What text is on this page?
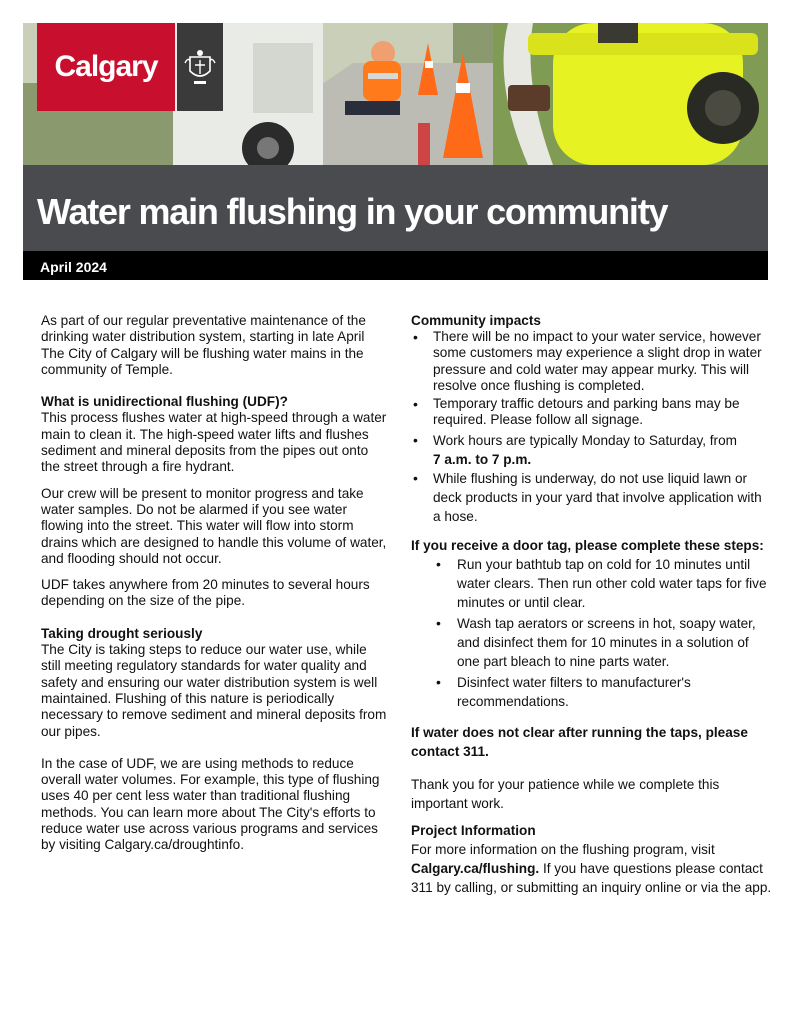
Calgary
Water main flushing in your community
April 2024

As part of our regular preventative maintenance of the drinking water distribution system, starting in late April The City of Calgary will be flushing water mains in the community of Temple.

What is unidirectional flushing (UDF)?

This process flushes water at high-speed through a water main to clean it. The high-speed water lifts and flushes sediment and mineral deposits from the pipes out onto the street through a fire hydrant.

Our crew will be present to monitor progress and take water samples. Do not be alarmed if you see water flowing into the street. This water will flow into storm drains which are designed to handle this volume of water, and flooding should not occur.

UDF takes anywhere from 20 minutes to several hours depending on the size of the pipe.

Taking drought seriously

The City is taking steps to reduce our water use, while still meeting regulatory standards for water quality and safety and ensuring our water distribution system is well maintained. Flushing of this nature is periodically necessary to remove sediment and mineral deposits from our pipes.

In the case of UDF, we are using methods to reduce overall water volumes. For example, this type of flushing uses 40 per cent less water than traditional flushing methods. You can learn more about The City's efforts to reduce water use across various programs and services by visiting Calgary.ca/droughtinfo.

Community impacts

• There will be no impact to your water service, however some customers may experience a slight drop in water pressure and cold water may appear murky. This will resolve once flushing is completed.
• Temporary traffic detours and parking bans may be required. Please follow all signage.
• Work hours are typically Monday to Saturday, from
7 a.m. to 7 p.m.
• While flushing is underway, do not use liquid lawn or deck products in your yard that involve application with a hose.

If you receive a door tag, please complete these steps:

• Run your bathtub tap on cold for 10 minutes until water clears. Then run other cold water taps for five minutes or until clear.
• Wash tap aerators or screens in hot, soapy water, and disinfect them for 10 minutes in a solution of one part bleach to nine parts water.
• Disinfect water filters to manufacturer's recommendations.

If water does not clear after running the taps, please contact 311.

Thank you for your patience while we complete this important work.

Project Information

For more information on the flushing program, visit Calgary.ca/flushing. If you have questions please contact 311 by calling, or submitting an inquiry online or via the app.
